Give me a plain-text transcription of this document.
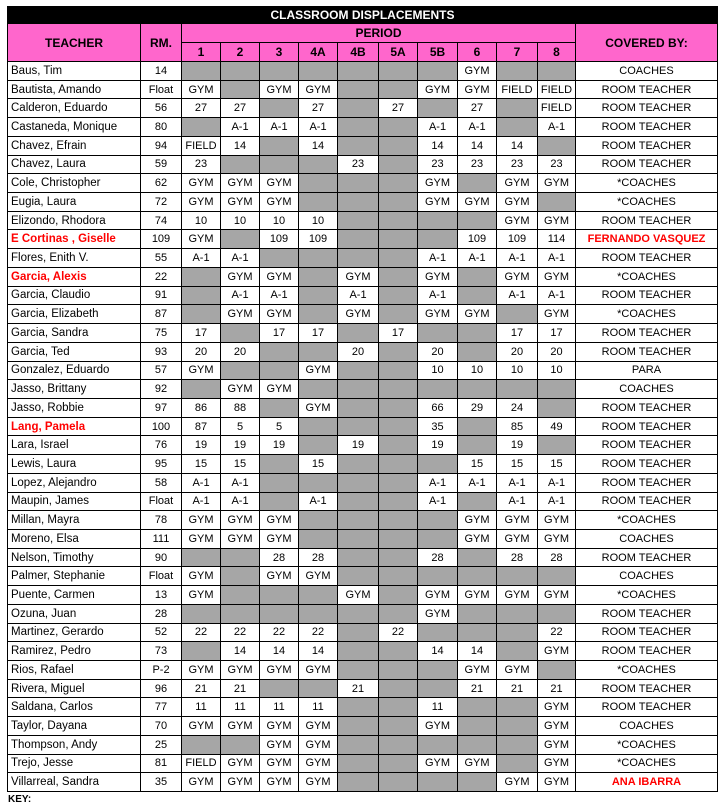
CLASSROOM DISPLACEMENTS												
TEACHER	RM.	PERIOD										COVERED BY:
		1	2	3	4A	4B	5A	5B	6	7	8	
Baus, Tim	14								GYM			COACHES
Bautista, Amando	Float	GYM		GYM	GYM			GYM	GYM	FIELD	FIELD	ROOM TEACHER
Calderon, Eduardo	56	27	27		27		27		27		FIELD	ROOM TEACHER
Castaneda, Monique	80		A-1	A-1	A-1			A-1	A-1		A-1	ROOM TEACHER
Chavez, Efrain	94	FIELD	14		14			14	14	14		ROOM TEACHER
Chavez, Laura	59	23				23		23	23	23	23	ROOM TEACHER
Cole, Christopher	62	GYM	GYM	GYM				GYM		GYM	GYM	*COACHES
Eugia, Laura	72	GYM	GYM	GYM				GYM	GYM	GYM		*COACHES
Elizondo, Rhodora	74	10	10	10	10					GYM	GYM	ROOM TEACHER
E Cortinas , Giselle	109	GYM		109	109				109	109	114	FERNANDO VASQUEZ
Flores, Enith V.	55	A-1	A-1					A-1	A-1	A-1	A-1	ROOM TEACHER
Garcia, Alexis	22		GYM	GYM		GYM		GYM		GYM	GYM	*COACHES
Garcia, Claudio	91		A-1	A-1		A-1		A-1		A-1	A-1	ROOM TEACHER
Garcia, Elizabeth	87		GYM	GYM		GYM		GYM	GYM		GYM	*COACHES
Garcia, Sandra	75	17		17	17		17			17	17	ROOM TEACHER
Garcia, Ted	93	20	20			20		20		20	20	ROOM TEACHER
Gonzalez, Eduardo	57	GYM			GYM			10	10	10	10	PARA
Jasso, Brittany	92		GYM	GYM								COACHES
Jasso, Robbie	97	86	88		GYM			66	29	24		ROOM TEACHER
Lang, Pamela	100	87	5	5				35		85	49	ROOM TEACHER
Lara, Israel	76	19	19	19		19		19		19		ROOM TEACHER
Lewis, Laura	95	15	15		15				15	15	15	ROOM TEACHER
Lopez, Alejandro	58	A-1	A-1					A-1	A-1	A-1	A-1	ROOM TEACHER
Maupin, James	Float	A-1	A-1		A-1			A-1		A-1	A-1	ROOM TEACHER
Millan, Mayra	78	GYM	GYM	GYM					GYM	GYM	GYM	*COACHES
Moreno, Elsa	111	GYM	GYM	GYM					GYM	GYM	GYM	COACHES
Nelson, Timothy	90			28	28			28		28	28	ROOM TEACHER
Palmer, Stephanie	Float	GYM		GYM	GYM							COACHES
Puente, Carmen	13	GYM				GYM		GYM	GYM	GYM	GYM	*COACHES
Ozuna, Juan	28							GYM				ROOM TEACHER
Martinez, Gerardo	52	22	22	22	22		22				22	ROOM TEACHER
Ramirez, Pedro	73		14	14	14			14	14		GYM	ROOM TEACHER
Rios, Rafael	P-2	GYM	GYM	GYM	GYM				GYM	GYM		*COACHES
Rivera, Miguel	96	21	21			21			21	21	21	ROOM TEACHER
Saldana, Carlos	77	11	11	11	11			11			GYM	ROOM TEACHER
Taylor, Dayana	70	GYM	GYM	GYM	GYM			GYM			GYM	COACHES
Thompson, Andy	25			GYM	GYM						GYM	*COACHES
Trejo, Jesse	81	FIELD	GYM	GYM	GYM			GYM	GYM		GYM	*COACHES
Villarreal, Sandra	35	GYM	GYM	GYM	GYM					GYM	GYM	ANA IBARRA
KEY:
